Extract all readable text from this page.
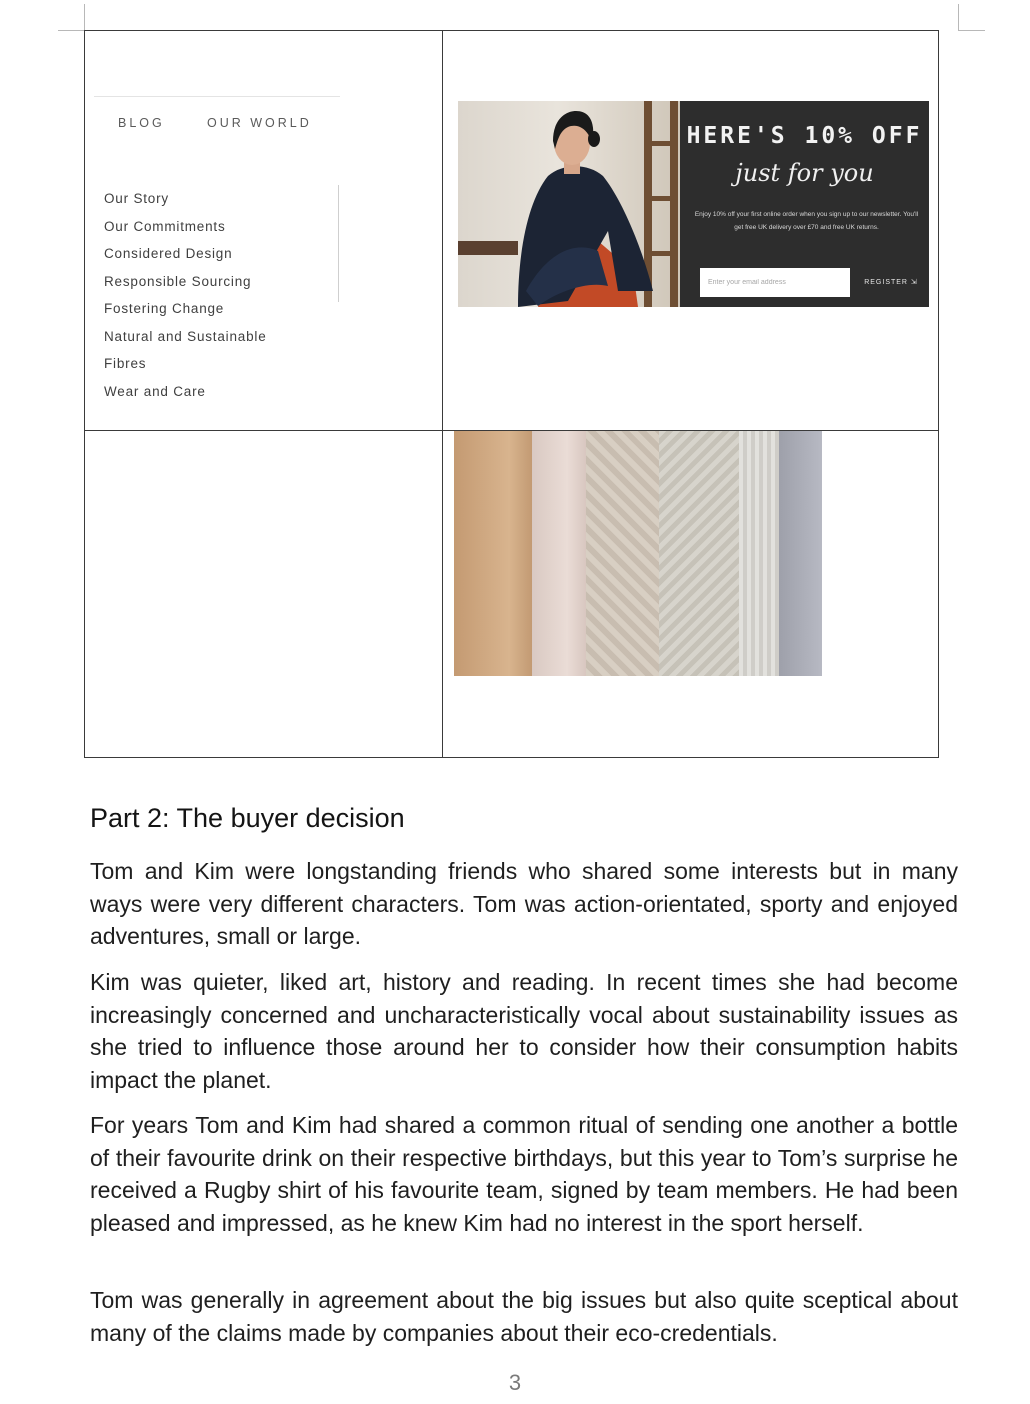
BLOG	OUR WORLD
Our Story
Our Commitments
Considered Design
Responsible Sourcing
Fostering Change
Natural and Sustainable
Fibres
Wear and Care
HERE'S 10% OFF
just for you
Enjoy 10% off your first online order when you sign up to our newsletter. You'll get free UK delivery over £70 and free UK returns.
Enter your email address
REGISTER ⇲
Part 2: The buyer decision

Tom and Kim were longstanding friends who shared some interests but in many ways were very different characters. Tom was action-orientated, sporty and enjoyed adventures, small or large.

Kim was quieter, liked art, history and reading. In recent times she had become increasingly concerned and uncharacteristically vocal about sustainability issues as she tried to influence those around her to consider how their consumption habits impact the planet.

For years Tom and Kim had shared a common ritual of sending one another a bottle of their favourite drink on their respective birthdays, but this year to Tom’s surprise he received a Rugby shirt of his favourite team, signed by team members. He had been pleased and impressed, as he knew Kim had no interest in the sport herself.

Tom was generally in agreement about the big issues but also quite sceptical about many of the claims made by companies about their eco-credentials.

3
